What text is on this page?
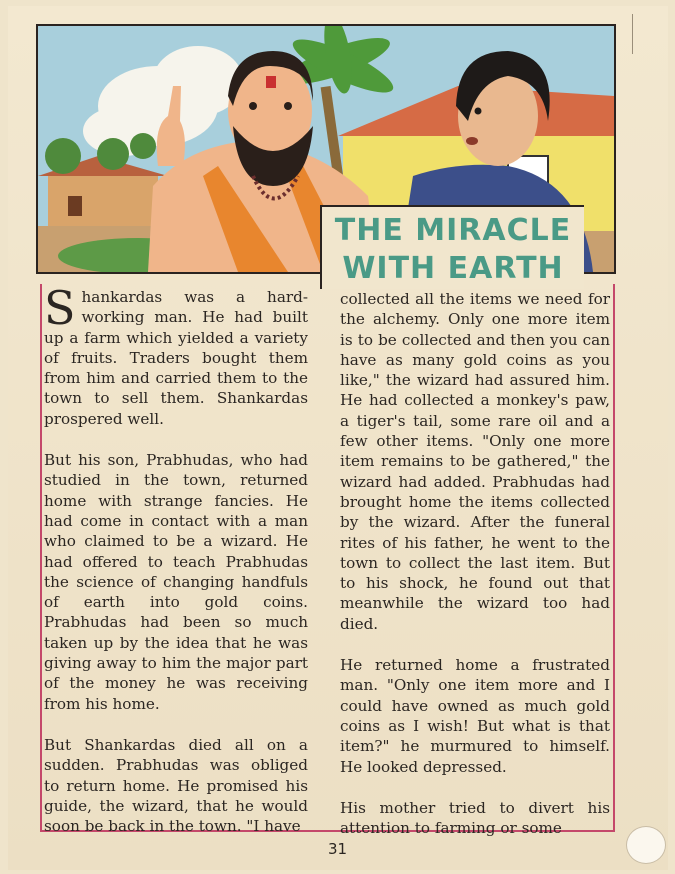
THE MIRACLE
WITH EARTH

Shankardas was a hard-working man. He had built up a farm which yielded a variety of fruits. Traders bought them from him and carried them to the town to sell them. Shankardas prospered well.

But his son, Prabhudas, who had studied in the town, returned home with strange fancies. He had come in contact with a man who claimed to be a wizard. He had offered to teach Prabhudas the science of changing handfuls of earth into gold coins. Prabhudas had been so much taken up by the idea that he was giving away to him the major part of the money he was receiving from his home.

But Shankardas died all on a sudden. Prabhudas was obliged to return home. He promised his guide, the wizard, that he would soon be back in the town. "I have

collected all the items we need for the alchemy. Only one more item is to be collected and then you can have as many gold coins as you like," the wizard had assured him. He had collected a monkey's paw, a tiger's tail, some rare oil and a few other items. "Only one more item remains to be gathered," the wizard had added. Prabhudas had brought home the items collected by the wizard. After the funeral rites of his father, he went to the town to collect the last item. But to his shock, he found out that meanwhile the wizard too had died.

He returned home a frustrated man. "Only one item more and I could have owned as much gold coins as I wish! But what is that item?" he murmured to himself. He looked depressed.

His mother tried to divert his attention to farming or some

31
